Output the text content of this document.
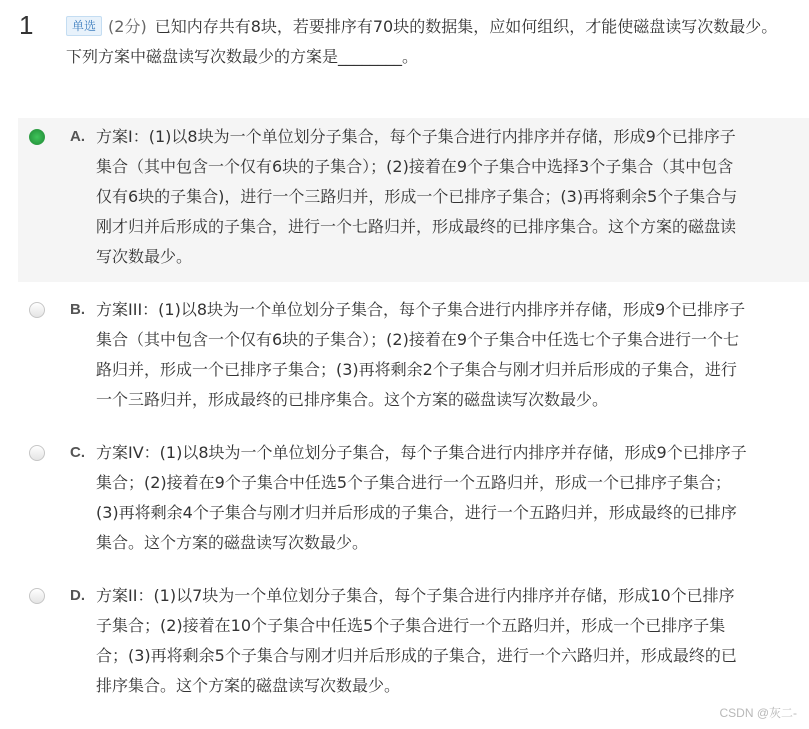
1	单选 (2分) 已知内存共有8块，若要排序有70块的数据集，应如何组织，才能使磁盘读写次数最少。下列方案中磁盘读写次数最少的方案是________。
A. 方案I：(1)以8块为一个单位划分子集合，每个子集合进行内排序并存储，形成9个已排序子集合（其中包含一个仅有6块的子集合）；(2)接着在9个子集合中选择3个子集合（其中包含仅有6块的子集合)，进行一个三路归并，形成一个已排序子集合；(3)再将剩余5个子集合与刚才归并后形成的子集合，进行一个七路归并，形成最终的已排序集合。这个方案的磁盘读写次数最少。
B. 方案III：(1)以8块为一个单位划分子集合，每个子集合进行内排序并存储，形成9个已排序子集合（其中包含一个仅有6块的子集合）；(2)接着在9个子集合中任选七个子集合进行一个七路归并，形成一个已排序子集合；(3)再将剩余2个子集合与刚才归并后形成的子集合，进行一个三路归并，形成最终的已排序集合。这个方案的磁盘读写次数最少。
C. 方案IV：(1)以8块为一个单位划分子集合，每个子集合进行内排序并存储，形成9个已排序子集合；(2)接着在9个子集合中任选5个子集合进行一个五路归并，形成一个已排序子集合；(3)再将剩余4个子集合与刚才归并后形成的子集合，进行一个五路归并，形成最终的已排序集合。这个方案的磁盘读写次数最少。
D. 方案II：(1)以7块为一个单位划分子集合，每个子集合进行内排序并存储，形成10个已排序子集合；(2)接着在10个子集合中任选5个子集合进行一个五路归并，形成一个已排序子集合；(3)再将剩余5个子集合与刚才归并后形成的子集合，进行一个六路归并，形成最终的已排序集合。这个方案的磁盘读写次数最少。
CSDN @灰二-
